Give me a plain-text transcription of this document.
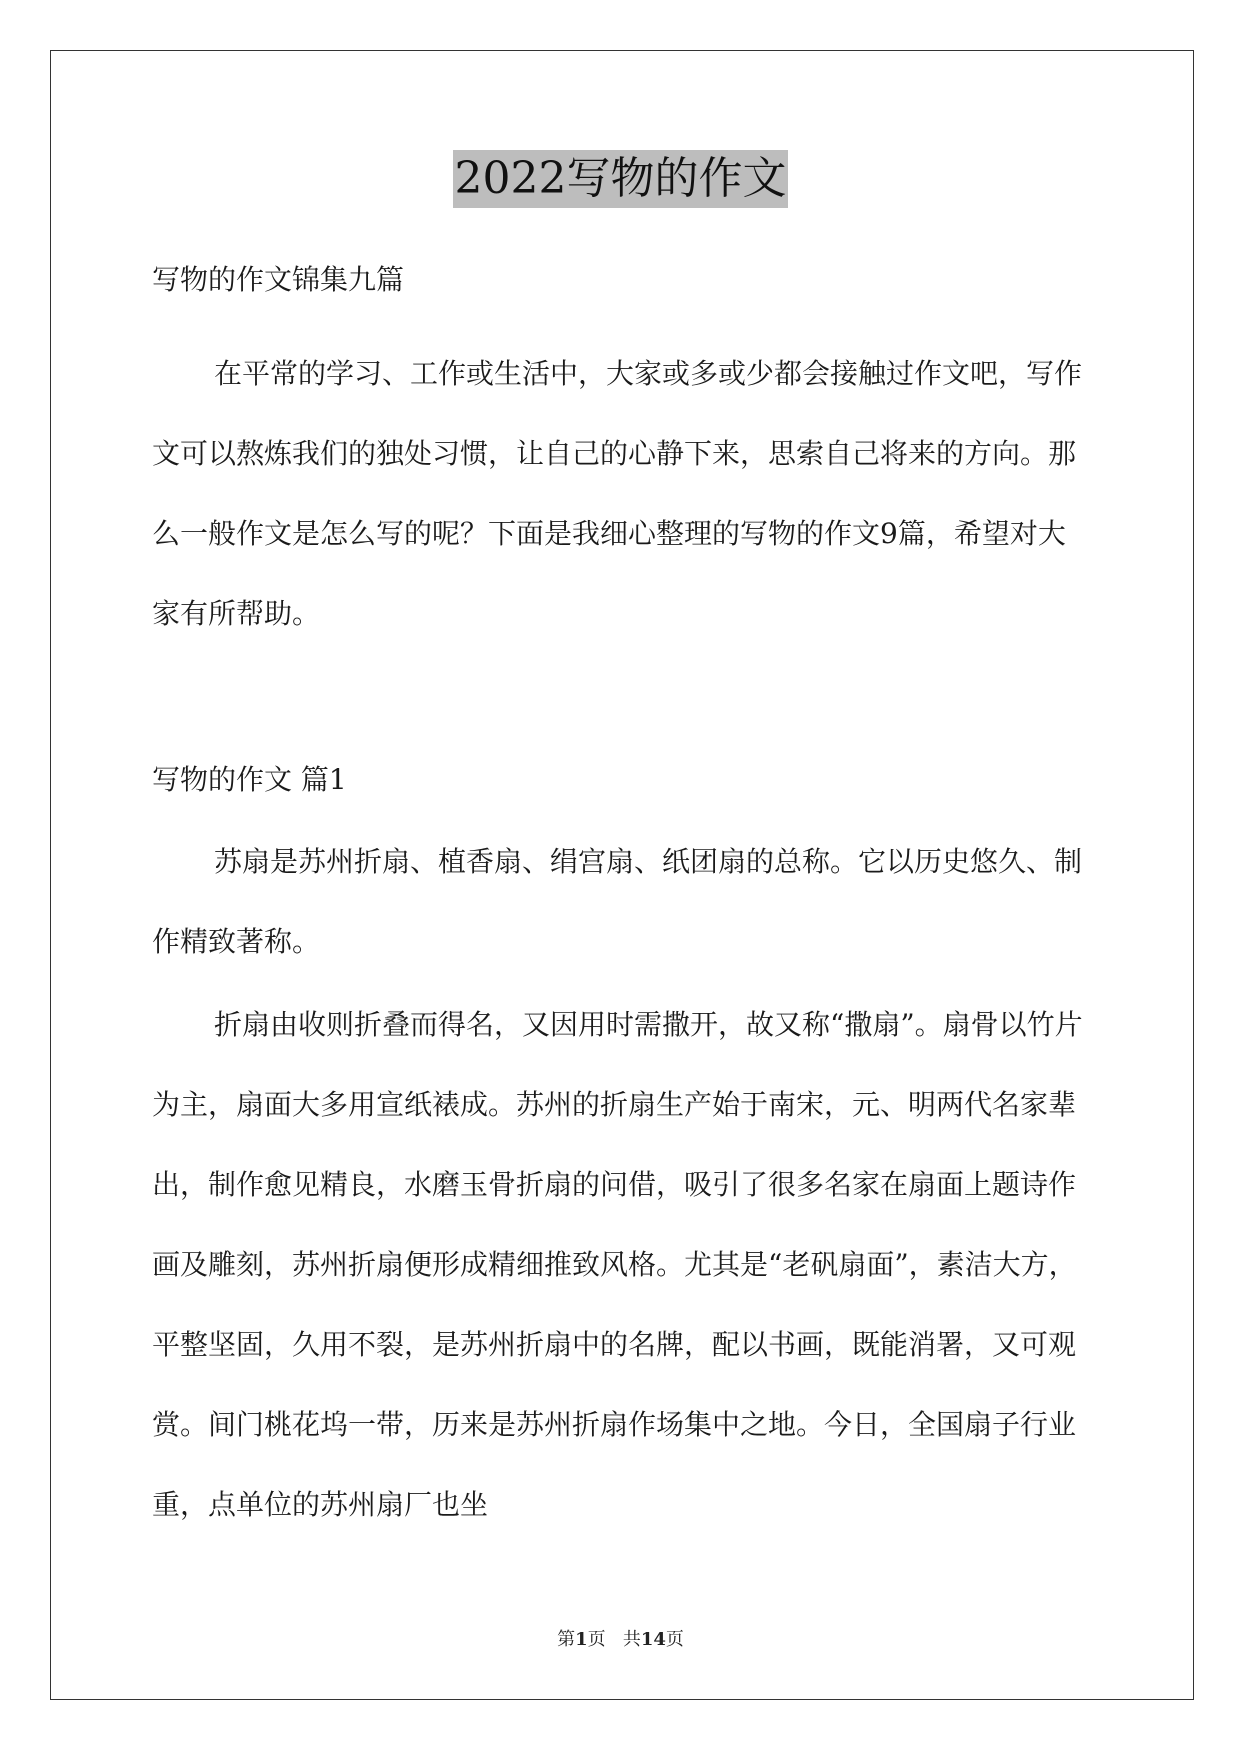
2022写物的作文

写物的作文锦集九篇

在平常的学习、工作或生活中，大家或多或少都会接触过作文吧，写作文可以熬炼我们的独处习惯，让自己的心静下来，思索自己将来的方向。那么一般作文是怎么写的呢？下面是我细心整理的写物的作文9篇，希望对大家有所帮助。

写物的作文 篇1

苏扇是苏州折扇、植香扇、绢宫扇、纸团扇的总称。它以历史悠久、制作精致著称。

折扇由收则折叠而得名，又因用时需撒开，故又称“撒扇”。扇骨以竹片为主，扇面大多用宣纸裱成。苏州的折扇生产始于南宋，元、明两代名家辈出，制作愈见精良，水磨玉骨折扇的问借，吸引了很多名家在扇面上题诗作画及雕刻，苏州折扇便形成精细推致风格。尤其是“老矾扇面”，素洁大方，平整坚固，久用不裂，是苏州折扇中的名牌，配以书画，既能消署，又可观赏。间门桃花坞一带，历来是苏州折扇作场集中之地。今日，全国扇子行业重，点单位的苏州扇厂也坐

第1页 共14页
